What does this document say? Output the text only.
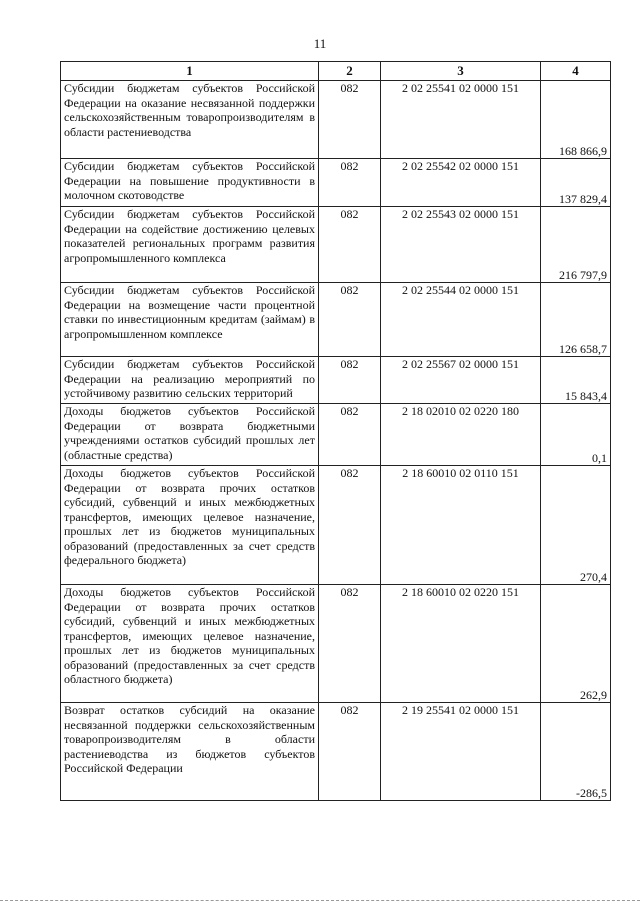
11
1	2	3	4
Субсидии бюджетам субъектов Российской Федерации на оказание несвязанной поддержки сельскохозяйственным товаропроизводителям в области растениеводства	082	2 02 25541 02 0000 151	168 866,9
Субсидии бюджетам субъектов Российской Федерации на повышение продуктивности в молочном скотоводстве	082	2 02 25542 02 0000 151	137 829,4
Субсидии бюджетам субъектов Российской Федерации на содействие достижению целевых показателей региональных программ развития агропромышленного комплекса	082	2 02 25543 02 0000 151	216 797,9
Субсидии бюджетам субъектов Российской Федерации на возмещение части процентной ставки по инвестиционным кредитам (займам) в агропромышленном комплексе	082	2 02 25544 02 0000 151	126 658,7
Субсидии бюджетам субъектов Российской Федерации на реализацию мероприятий по устойчивому развитию сельских территорий	082	2 02 25567 02 0000 151	15 843,4
Доходы бюджетов субъектов Российской Федерации от возврата бюджетными учреждениями остатков субсидий прошлых лет (областные средства)	082	2 18 02010 02 0220 180	0,1
Доходы бюджетов субъектов Российской Федерации от возврата прочих остатков субсидий, субвенций и иных межбюджетных трансфертов, имеющих целевое назначение, прошлых лет из бюджетов муниципальных образований (предоставленных за счет средств федерального бюджета)	082	2 18 60010 02 0110 151	270,4
Доходы бюджетов субъектов Российской Федерации от возврата прочих остатков субсидий, субвенций и иных межбюджетных трансфертов, имеющих целевое назначение, прошлых лет из бюджетов муниципальных образований (предоставленных за счет средств областного бюджета)	082	2 18 60010 02 0220 151	262,9
Возврат остатков субсидий на оказание несвязанной поддержки сельскохозяйственным товаропроизводителям в области растениеводства из бюджетов субъектов Российской Федерации	082	2 19 25541 02 0000 151	-286,5
